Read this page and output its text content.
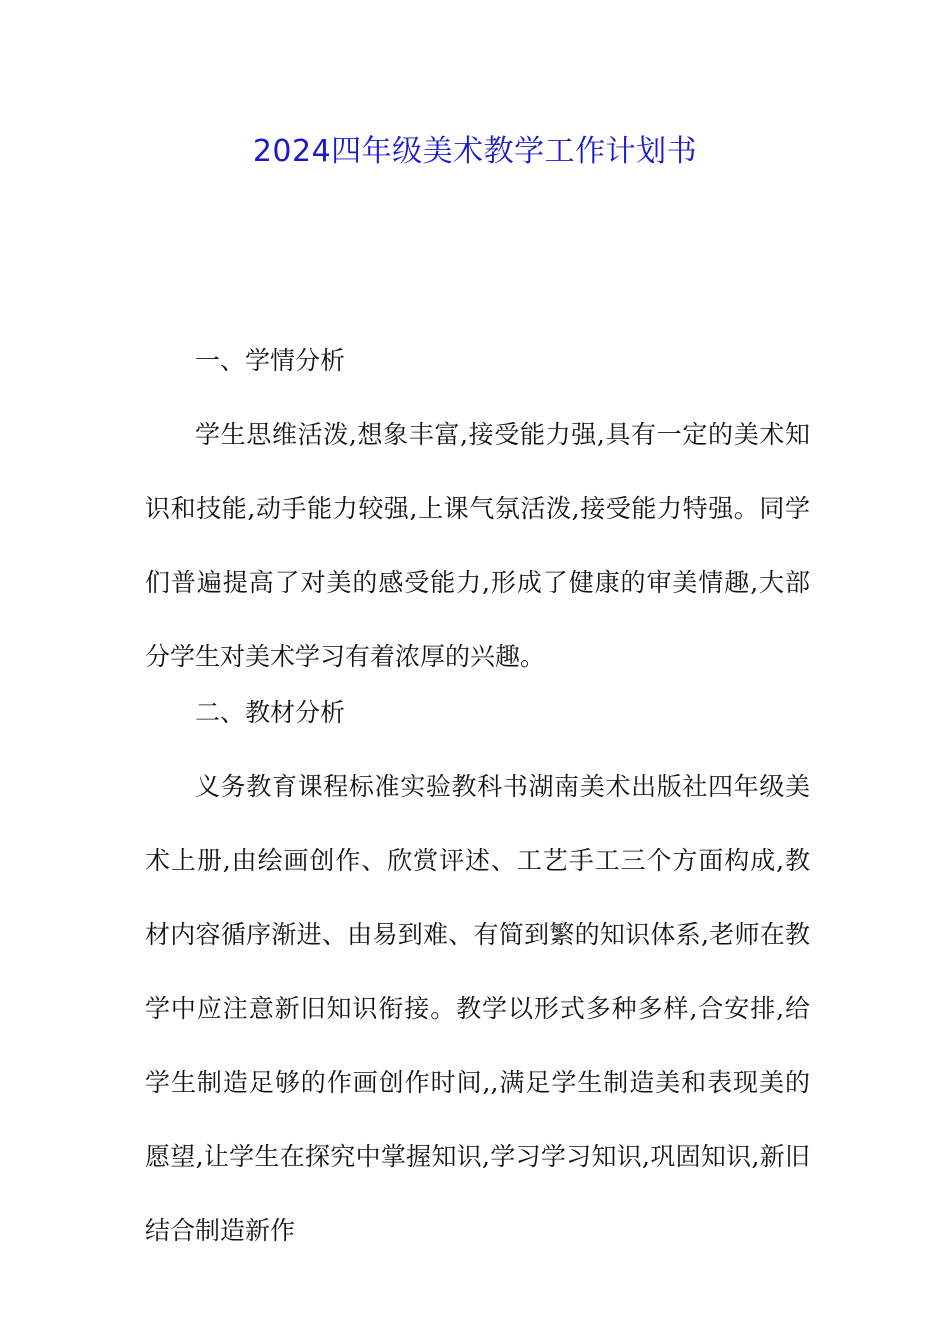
2024四年级美术教学工作计划书

一、学情分析

学生思维活泼,想象丰富,接受能力强,具有一定的美术知识和技能,动手能力较强,上课气氛活泼,接受能力特强。同学们普遍提高了对美的感受能力,形成了健康的审美情趣,大部分学生对美术学习有着浓厚的兴趣。

二、教材分析

义务教育课程标准实验教科书湖南美术出版社四年级美术上册,由绘画创作、欣赏评述、工艺手工三个方面构成,教材内容循序渐进、由易到难、有简到繁的知识体系,老师在教学中应注意新旧知识衔接。教学以形式多种多样,合安排,给学生制造足够的作画创作时间,,满足学生制造美和表现美的愿望,让学生在探究中掌握知识,学习学习知识,巩固知识,新旧结合制造新作
